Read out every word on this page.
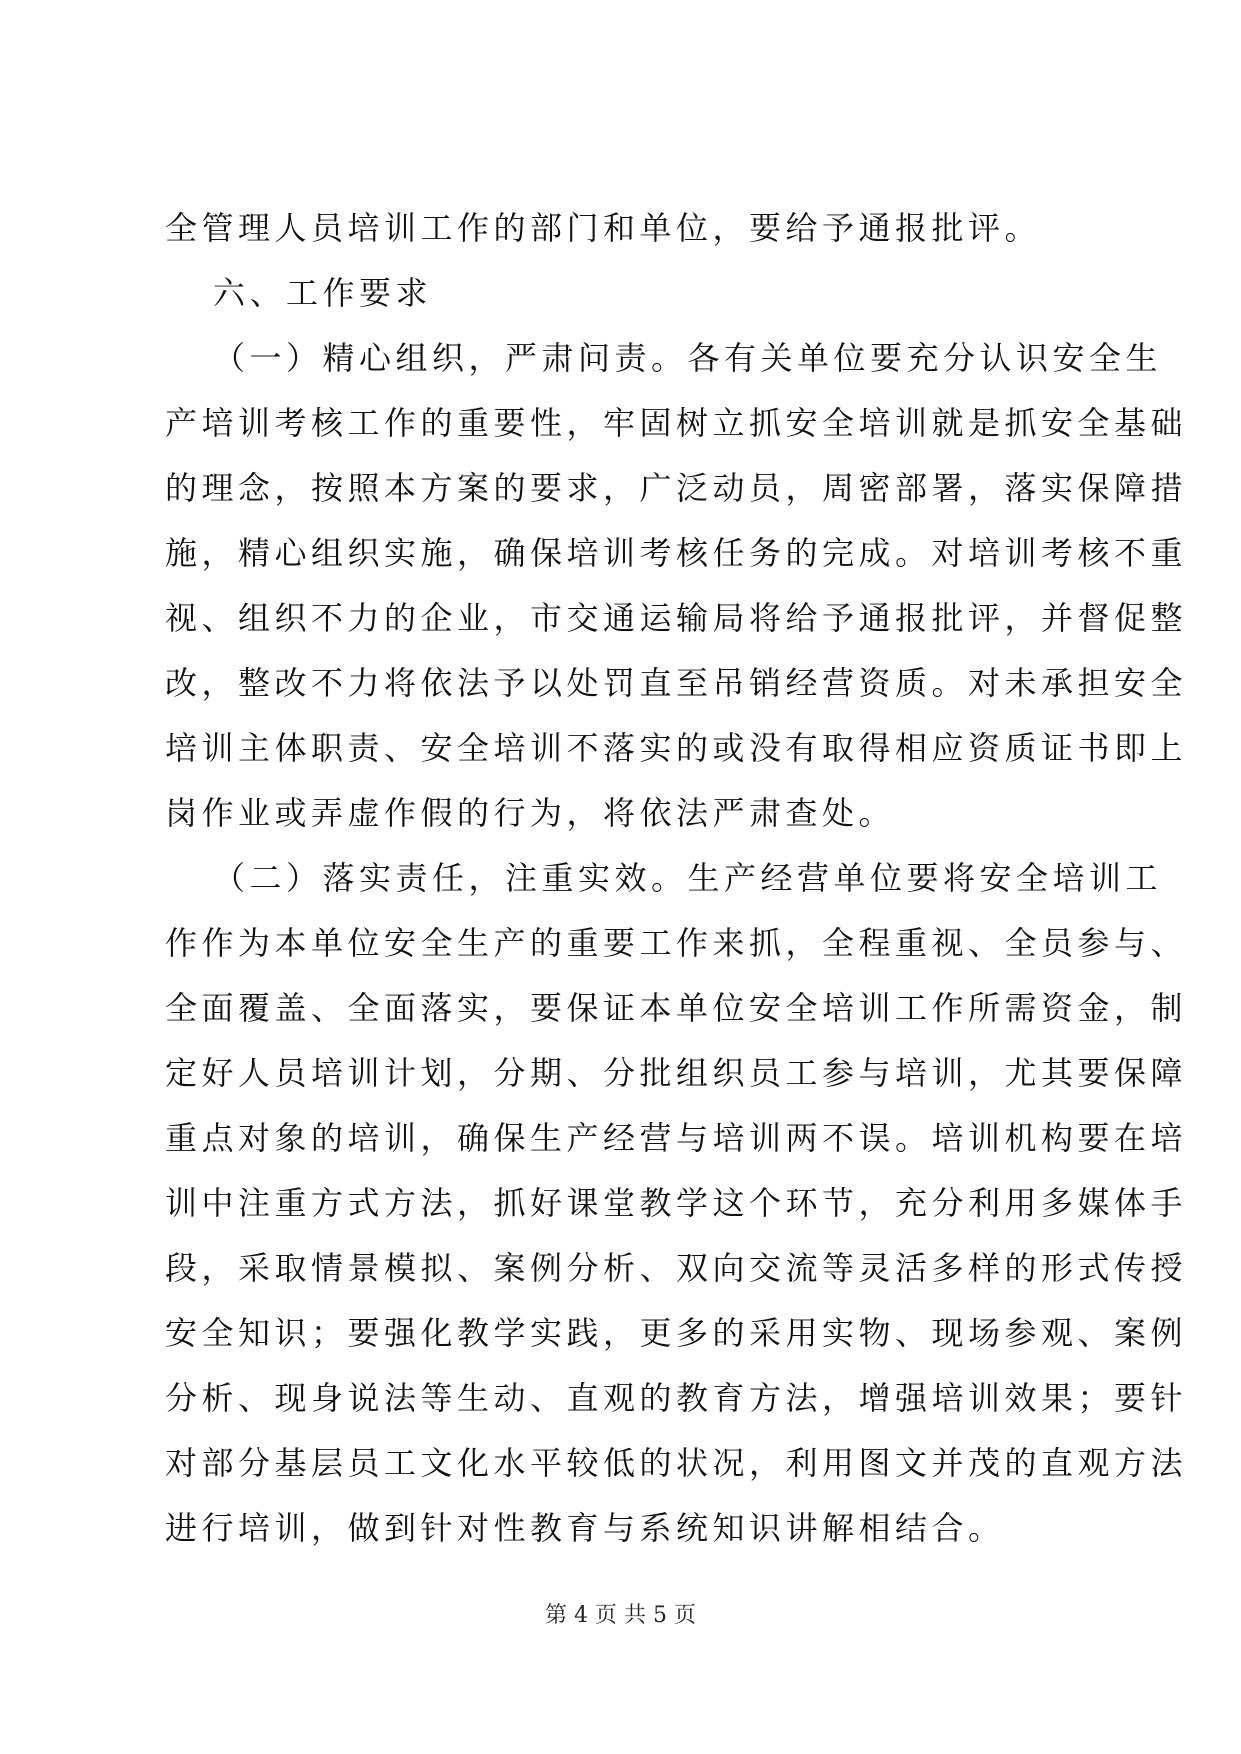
全管理人员培训工作的部门和单位，要给予通报批评。
六、工作要求
（一）精心组织，严肃问责。各有关单位要充分认识安全生
产培训考核工作的重要性，牢固树立抓安全培训就是抓安全基础
的理念，按照本方案的要求，广泛动员，周密部署，落实保障措
施，精心组织实施，确保培训考核任务的完成。对培训考核不重
视、组织不力的企业，市交通运输局将给予通报批评，并督促整
改，整改不力将依法予以处罚直至吊销经营资质。对未承担安全
培训主体职责、安全培训不落实的或没有取得相应资质证书即上
岗作业或弄虚作假的行为，将依法严肃查处。
（二）落实责任，注重实效。生产经营单位要将安全培训工
作作为本单位安全生产的重要工作来抓，全程重视、全员参与、
全面覆盖、全面落实，要保证本单位安全培训工作所需资金，制
定好人员培训计划，分期、分批组织员工参与培训，尤其要保障
重点对象的培训，确保生产经营与培训两不误。培训机构要在培
训中注重方式方法，抓好课堂教学这个环节，充分利用多媒体手
段，采取情景模拟、案例分析、双向交流等灵活多样的形式传授
安全知识；要强化教学实践，更多的采用实物、现场参观、案例
分析、现身说法等生动、直观的教育方法，增强培训效果；要针
对部分基层员工文化水平较低的状况，利用图文并茂的直观方法
进行培训，做到针对性教育与系统知识讲解相结合。
第 4 页 共 5 页
